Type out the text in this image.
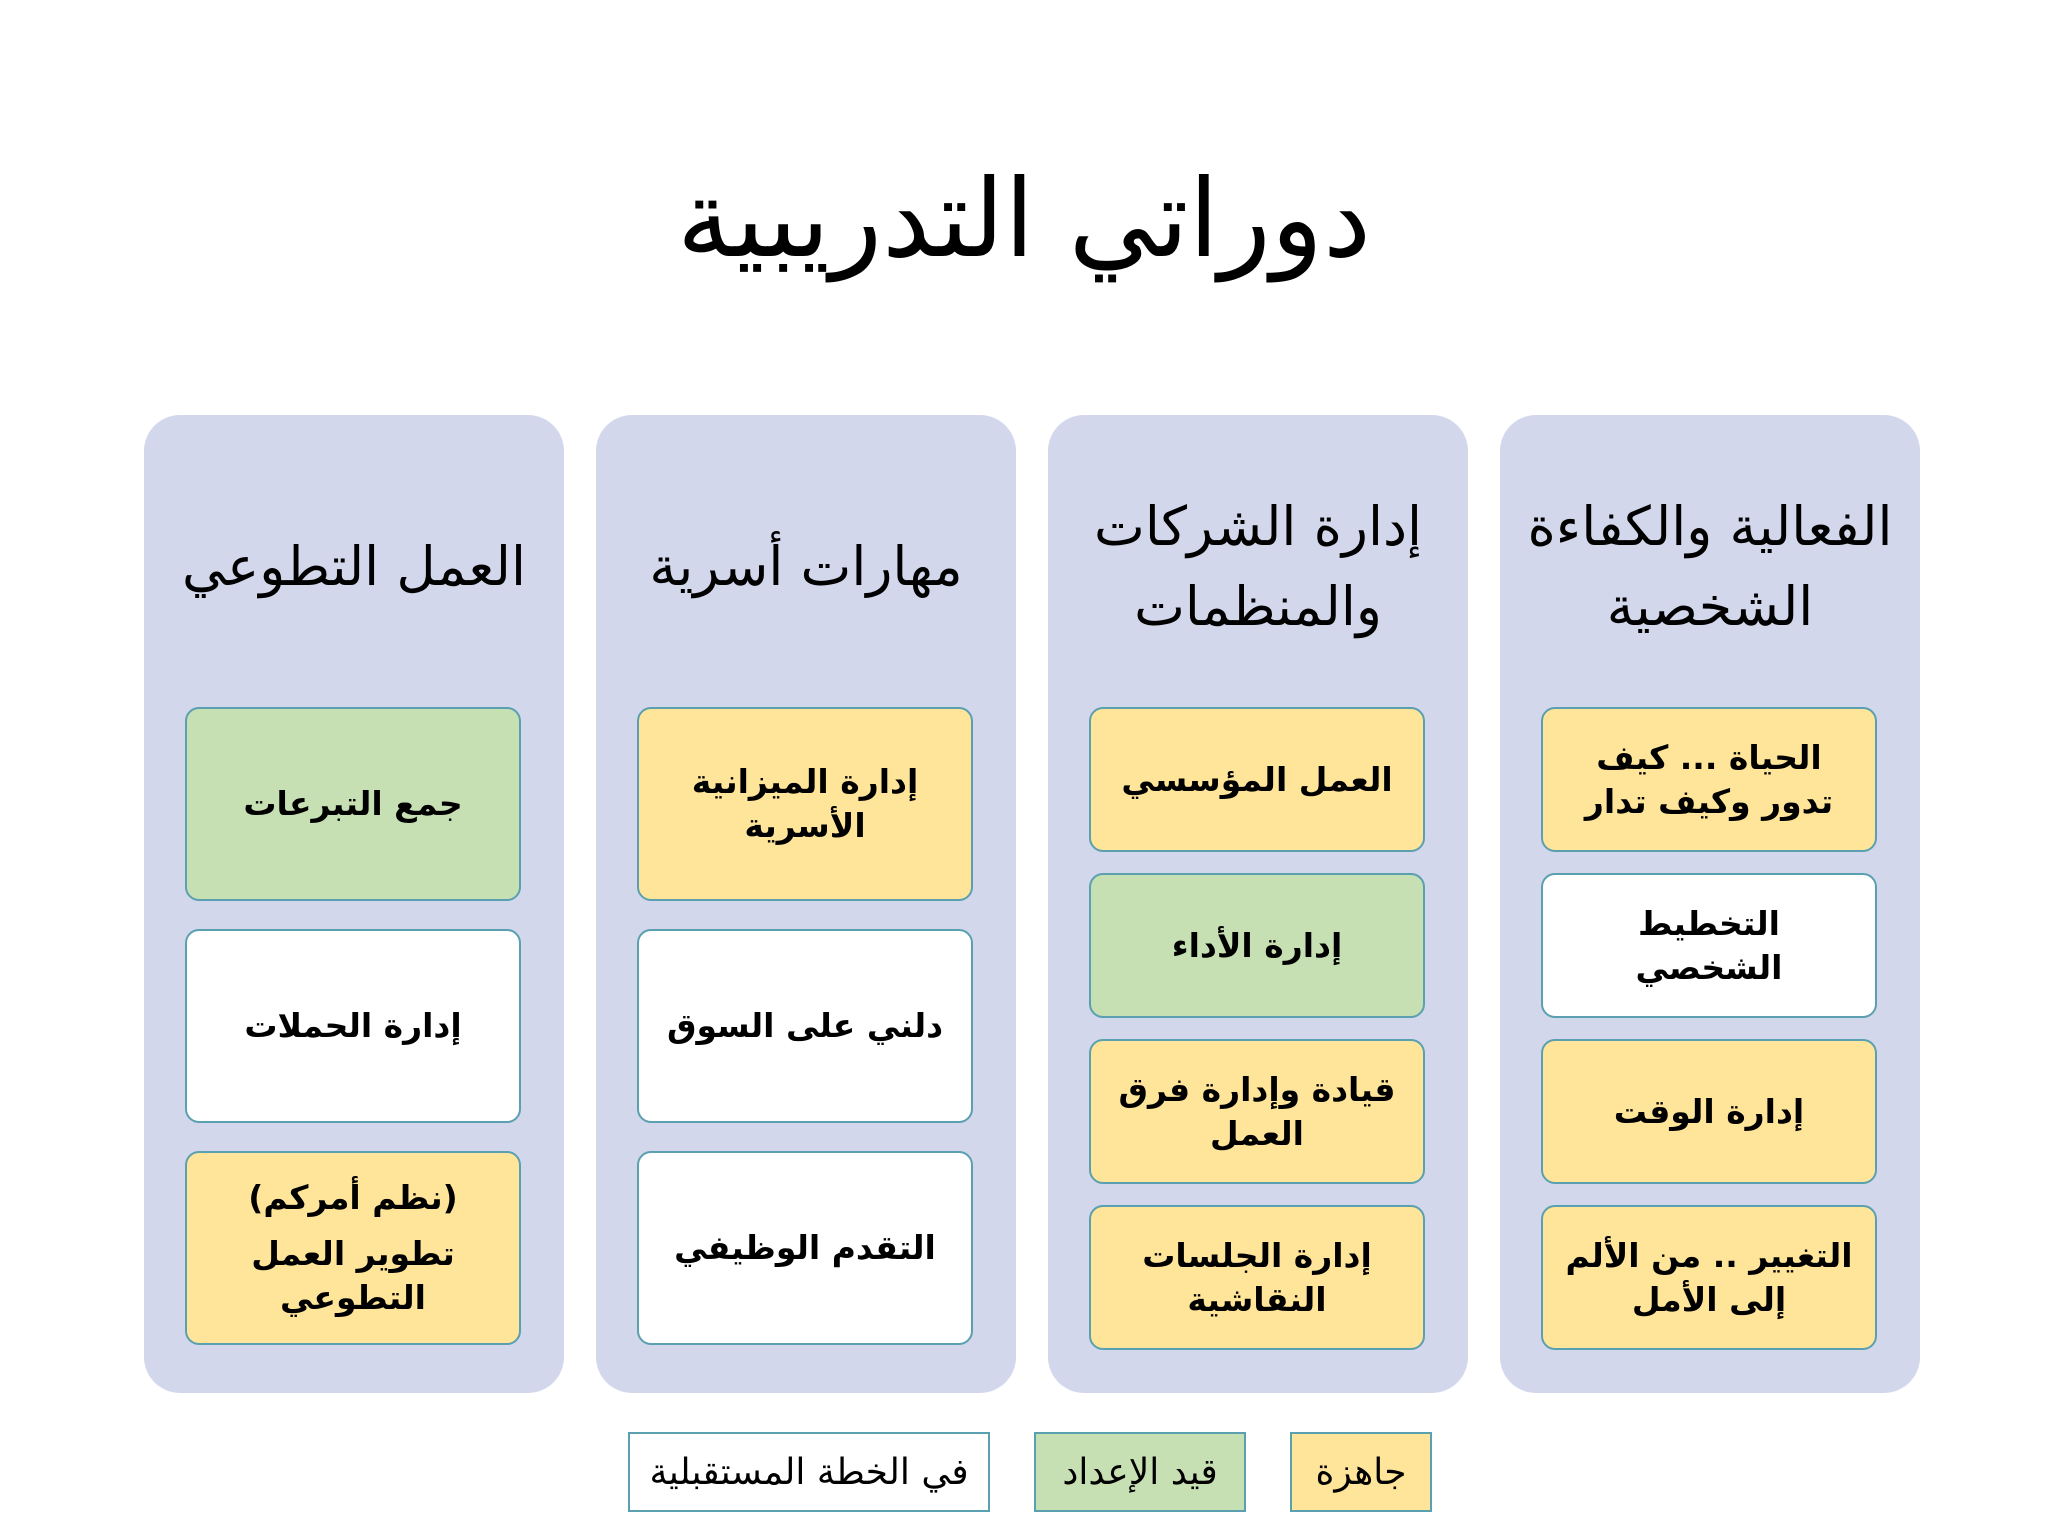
دوراتي التدريبية
الفعالية والكفاءة الشخصية
الحياة ... كيف تدور وكيف تدار
التخطيط الشخصي
إدارة الوقت
التغيير .. من الألم إلى الأمل
إدارة الشركات والمنظمات
العمل المؤسسي
إدارة الأداء
قيادة وإدارة فرق العمل
إدارة الجلسات النقاشية
مهارات أسرية
إدارة الميزانية الأسرية
دلني على السوق
التقدم الوظيفي
العمل التطوعي
جمع التبرعات
إدارة الحملات
(نظم أمركم)
تطوير العمل التطوعي
جاهزة
قيد الإعداد
في الخطة المستقبلية
